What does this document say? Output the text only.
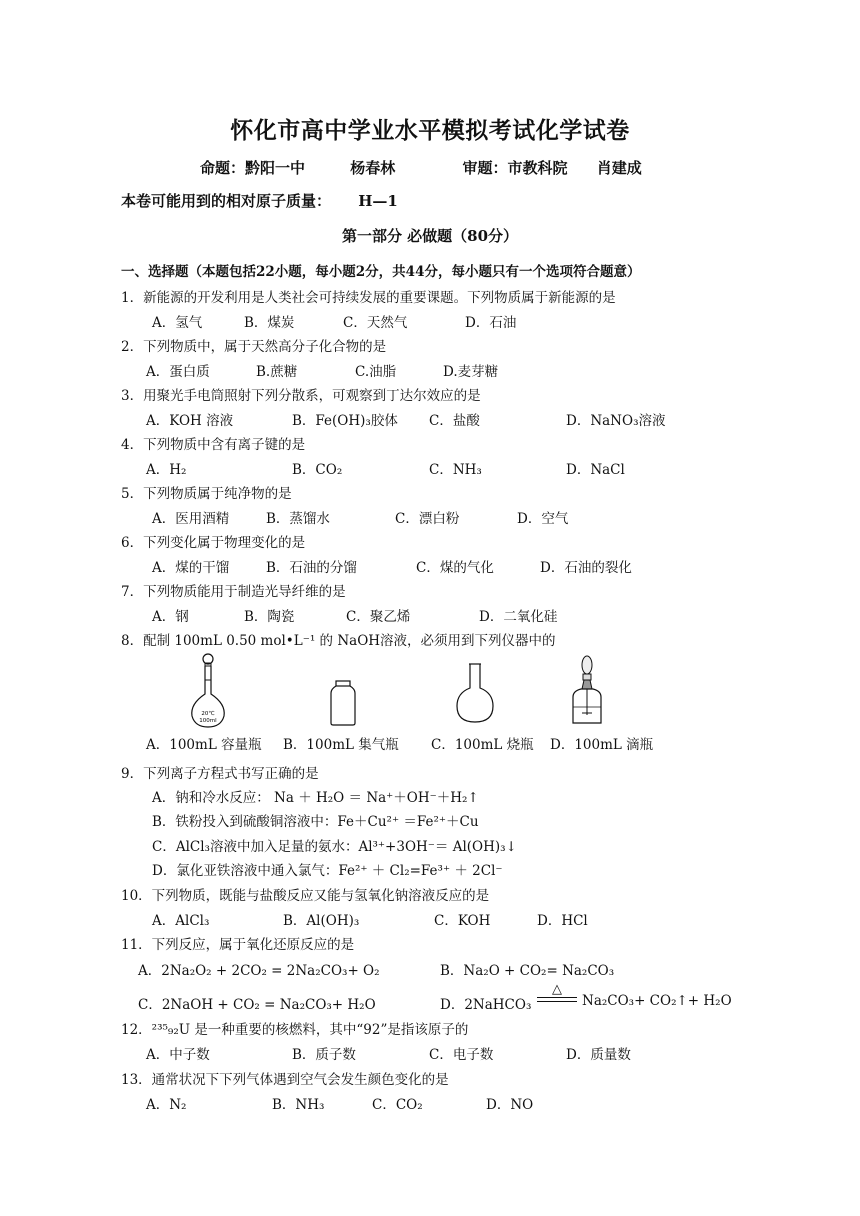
怀化市高中学业水平模拟考试化学试卷
命题：黔阳一中	杨春林	审题：市教科院 肖建成
本卷可能用到的相对原子质量： H—1
第一部分 必做题（80分）
一、选择题（本题包括22小题，每小题2分，共44分，每小题只有一个选项符合题意）
1．新能源的开发利用是人类社会可持续发展的重要课题。下列物质属于新能源的是
A．氢气	B．煤炭	C．天然气	D．石油
2．下列物质中，属于天然高分子化合物的是
A．蛋白质	B.蔗糖	C.油脂	D.麦芽糖
3．用聚光手电筒照射下列分散系，可观察到丁达尔效应的是
A．KOH 溶液	B．Fe(OH)₃胶体 C．盐酸	D．NaNO₃溶液
4．下列物质中含有离子键的是
A．H₂	B．CO₂	C．NH₃	D．NaCl
5．下列物质属于纯净物的是
A．医用酒精	B．蒸馏水	C．漂白粉	D．空气
6．下列变化属于物理变化的是
A．煤的干馏	B．石油的分馏	C．煤的气化	D．石油的裂化
7．下列物质能用于制造光导纤维的是
A．钢	B．陶瓷	C．聚乙烯	D．二氧化硅
8．配制 100mL 0.50 mol•L⁻¹ 的 NaOH溶液，必须用到下列仪器中的
20℃
100ml
A．100mL 容量瓶 B．100mL 集气瓶 C．100mL 烧瓶 D．100mL 滴瓶
9．下列离子方程式书写正确的是
A．钠和冷水反应： Na ＋ H₂O ＝ Na⁺＋OH⁻＋H₂↑
B．铁粉投入到硫酸铜溶液中：Fe＋Cu²⁺ ＝Fe²⁺＋Cu
C．AlCl₃溶液中加入足量的氨水：Al³⁺+3OH⁻＝ Al(OH)₃↓
D．氯化亚铁溶液中通入氯气：Fe²⁺ ＋ Cl₂=Fe³⁺ ＋ 2Cl⁻
10．下列物质，既能与盐酸反应又能与氢氧化钠溶液反应的是
A．AlCl₃	B．Al(OH)₃	C．KOH	D．HCl
11．下列反应，属于氧化还原反应的是
A．2Na₂O₂ + 2CO₂ = 2Na₂CO₃+ O₂	B．Na₂O + CO₂= Na₂CO₃
C．2NaOH + CO₂ = Na₂CO₃+ H₂O	D．2NaHCO₃
△
Na₂CO₃+ CO₂↑+ H₂O
12．²³⁵₉₂U 是一种重要的核燃料，其中“92”是指该原子的
A．中子数	B．质子数	C．电子数	D．质量数
13．通常状况下下列气体遇到空气会发生颜色变化的是
A．N₂	B．NH₃	C．CO₂	D．NO
